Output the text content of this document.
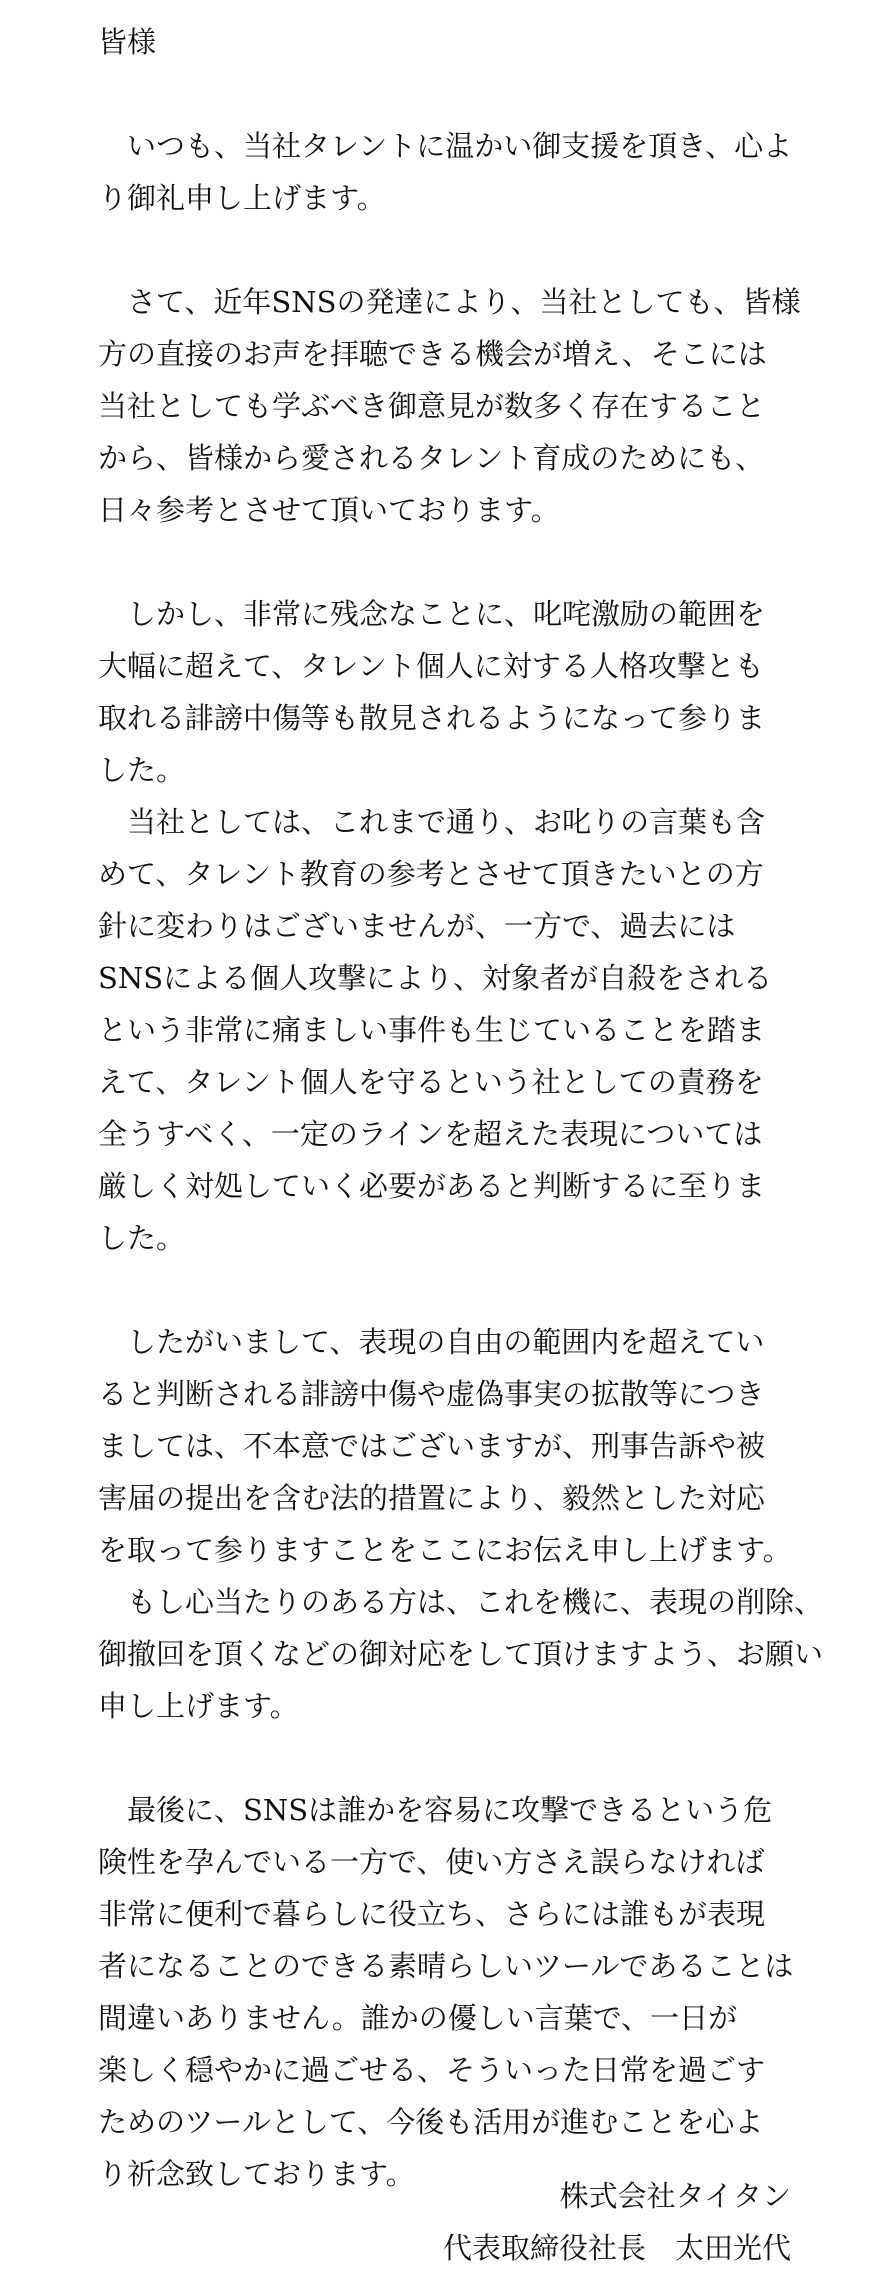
皆様
いつも、当社タレントに温かい御支援を頂き、心よ
り御礼申し上げます。
さて、近年SNSの発達により、当社としても、皆様
方の直接のお声を拝聴できる機会が増え、そこには
当社としても学ぶべき御意見が数多く存在すること
から、皆様から愛されるタレント育成のためにも、
日々参考とさせて頂いております。
しかし、非常に残念なことに、叱咤激励の範囲を
大幅に超えて、タレント個人に対する人格攻撃とも
取れる誹謗中傷等も散見されるようになって参りま
した。
当社としては、これまで通り、お叱りの言葉も含
めて、タレント教育の参考とさせて頂きたいとの方
針に変わりはございませんが、一方で、過去には
SNSによる個人攻撃により、対象者が自殺をされる
という非常に痛ましい事件も生じていることを踏ま
えて、タレント個人を守るという社としての責務を
全うすべく、一定のラインを超えた表現については
厳しく対処していく必要があると判断するに至りま
した。
したがいまして、表現の自由の範囲内を超えてい
ると判断される誹謗中傷や虚偽事実の拡散等につき
ましては、不本意ではございますが、刑事告訴や被
害届の提出を含む法的措置により、毅然とした対応
を取って参りますことをここにお伝え申し上げます。
もし心当たりのある方は、これを機に、表現の削除、
御撤回を頂くなどの御対応をして頂けますよう、お願い
申し上げます。
最後に、SNSは誰かを容易に攻撃できるという危
険性を孕んでいる一方で、使い方さえ誤らなければ
非常に便利で暮らしに役立ち、さらには誰もが表現
者になることのできる素晴らしいツールであることは
間違いありません。誰かの優しい言葉で、一日が
楽しく穏やかに過ごせる、そういった日常を過ごす
ためのツールとして、今後も活用が進むことを心よ
り祈念致しております。
株式会社タイタン
代表取締役社長　太田光代
